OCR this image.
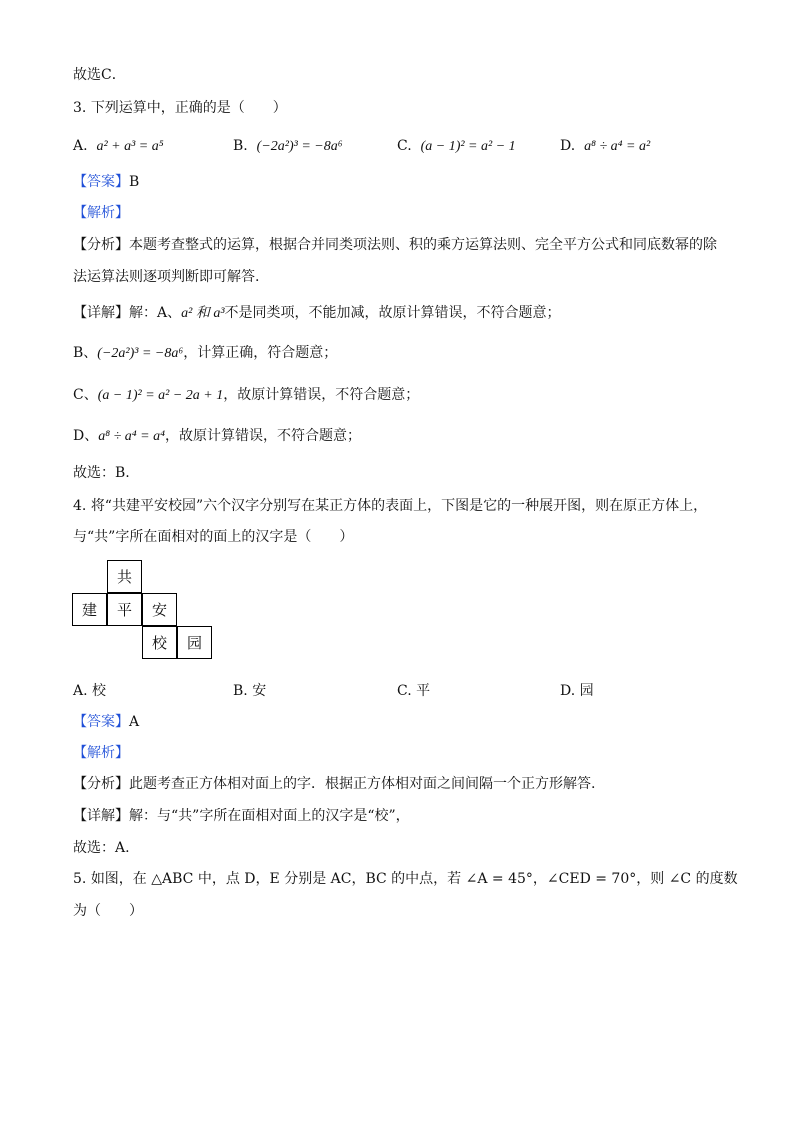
故选C．
3. 下列运算中，正确的是（　　）
A. a² + a³ = a⁵	B. (−2a²)³ = −8a⁶	C. (a − 1)² = a² − 1	D. a⁸ ÷ a⁴ = a²
【答案】B
【解析】
【分析】本题考查整式的运算，根据合并同类项法则、积的乘方运算法则、完全平方公式和同底数幂的除
法运算法则逐项判断即可解答.
【详解】解：A、a² 和 a³不是同类项，不能加减，故原计算错误，不符合题意；
B、(−2a²)³ = −8a⁶，计算正确，符合题意；
C、(a − 1)² = a² − 2a + 1，故原计算错误，不符合题意；
D、a⁸ ÷ a⁴ = a⁴，故原计算错误，不符合题意；
故选：B.
4. 将“共建平安校园”六个汉字分别写在某正方体的表面上，下图是它的一种展开图，则在原正方体上，
与“共”字所在面相对的面上的汉字是（　　）
共
建	平	安
校	园
A. 校	B. 安	C. 平	D. 园
【答案】A
【解析】
【分析】此题考查正方体相对面上的字．根据正方体相对面之间间隔一个正方形解答.
【详解】解：与“共”字所在面相对面上的汉字是“校”，
故选：A.
5. 如图，在 △ABC 中，点 D，E 分别是 AC，BC 的中点，若 ∠A = 45°，∠CED = 70°，则 ∠C 的度数
为（　　）
